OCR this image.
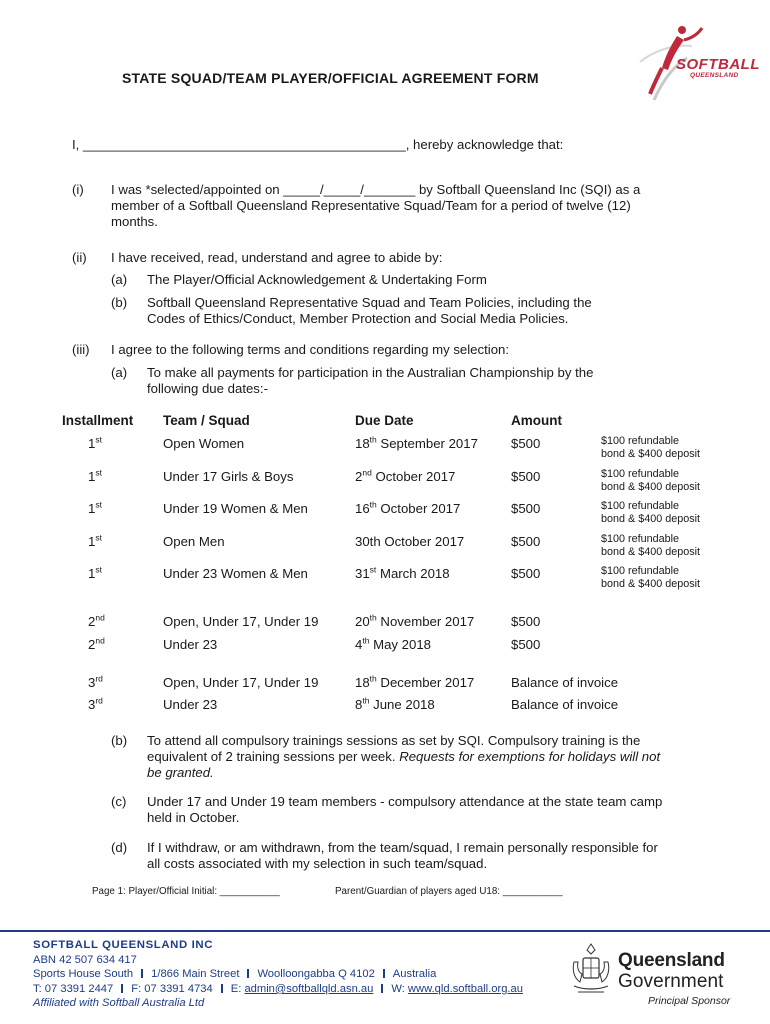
SOFTBALL
QUEENSLAND
STATE SQUAD/TEAM PLAYER/OFFICIAL AGREEMENT FORM
I, ____________________________________________, hereby acknowledge that:
(i)	I was *selected/appointed on _____/_____/_______ by Softball Queensland Inc (SQI) as a
member of a Softball Queensland Representative Squad/Team for a period of twelve (12)
months.
(ii)	I have received, read, understand and agree to abide by:
(a) The Player/Official Acknowledgement & Undertaking Form
(b) Softball Queensland Representative Squad and Team Policies, including the
Codes of Ethics/Conduct, Member Protection and Social Media Policies.
(iii)	I agree to the following terms and conditions regarding my selection:
(a) To make all payments for participation in the Australian Championship by the
following due dates:-
Installment Team / Squad	Due Date	Amount
1st	Open Women	18th September 2017	$500	$100 refundable
bond & $400 deposit
1st	Under 17 Girls & Boys	2nd October 2017	$500	$100 refundable
bond & $400 deposit
1st	Under 19 Women & Men	16th October 2017	$500	$100 refundable
bond & $400 deposit
1st	Open Men	30th October 2017	$500	$100 refundable
bond & $400 deposit
1st	Under 23 Women & Men	31st March 2018	$500	$100 refundable
bond & $400 deposit
2nd	Open, Under 17, Under 19	20th November 2017	$500
2nd	Under 23	4th May 2018	$500
3rd	Open, Under 17, Under 19	18th December 2017	Balance of invoice
3rd	Under 23	8th June 2018	Balance of invoice
(b) To attend all compulsory trainings sessions as set by SQI. Compulsory training is the
equivalent of 2 training sessions per week. Requests for exemptions for holidays will not
be granted.
(c) Under 17 and Under 19 team members - compulsory attendance at the state team camp
held in October.
(d) If I withdraw, or am withdrawn, from the team/squad, I remain personally responsible for
all costs associated with my selection in such team/squad.
Page 1: Player/Official Initial: ___________	Parent/Guardian of players aged U18: ___________
SOFTBALL QUEENSLAND INC
ABN 42 507 634 417
Sports House South 1/866 Main Street Woolloongabba Q 4102 Australia
T: 07 3391 2447 F: 07 3391 4734 E: admin@softballqld.asn.au W: www.qld.softball.org.au
Affiliated with Softball Australia Ltd
Queensland
Government
Principal Sponsor
